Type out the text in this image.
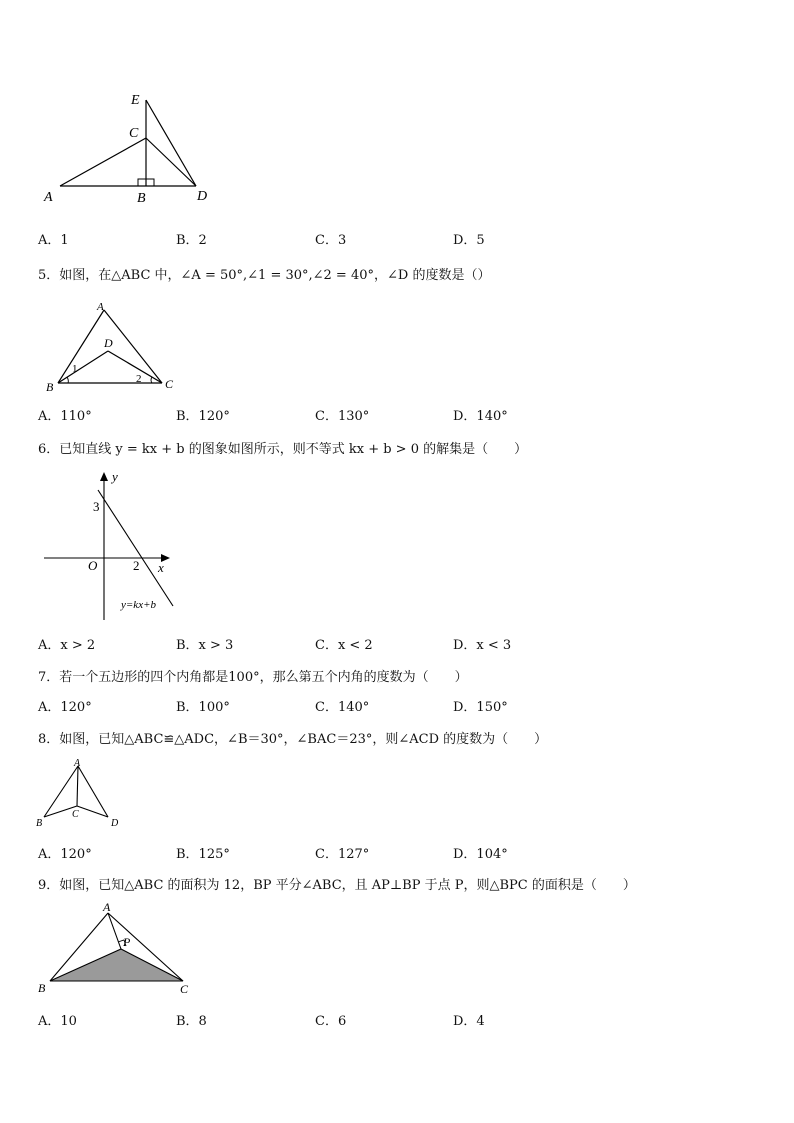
E
C
A	B	D
A．1	B．2	C．3	D．5
5．如图，在△ABC 中，∠A = 50°,∠1 = 30°,∠2 = 40°，∠D 的度数是（）
A
D
B	C
1
2
A．110°	B．120°	C．130°	D．140°
6．已知直线 y = kx + b 的图象如图所示，则不等式 kx + b > 0 的解集是（　　）
y
3
O	2 x
y=kx+b
A．x > 2	B．x > 3	C．x < 2	D．x < 3
7．若一个五边形的四个内角都是100°，那么第五个内角的度数为（　　）
A．120°	B．100°	C．140°	D．150°
8．如图，已知△ABC≌△ADC，∠B＝30°，∠BAC＝23°，则∠ACD 的度数为（　　）
A
B
C
D
A．120°	B．125°	C．127°	D．104°
9．如图，已知△ABC 的面积为 12，BP 平分∠ABC，且 AP⊥BP 于点 P，则△BPC 的面积是（　　）
A
P
B	C
A．10	B．8	C．6	D．4
